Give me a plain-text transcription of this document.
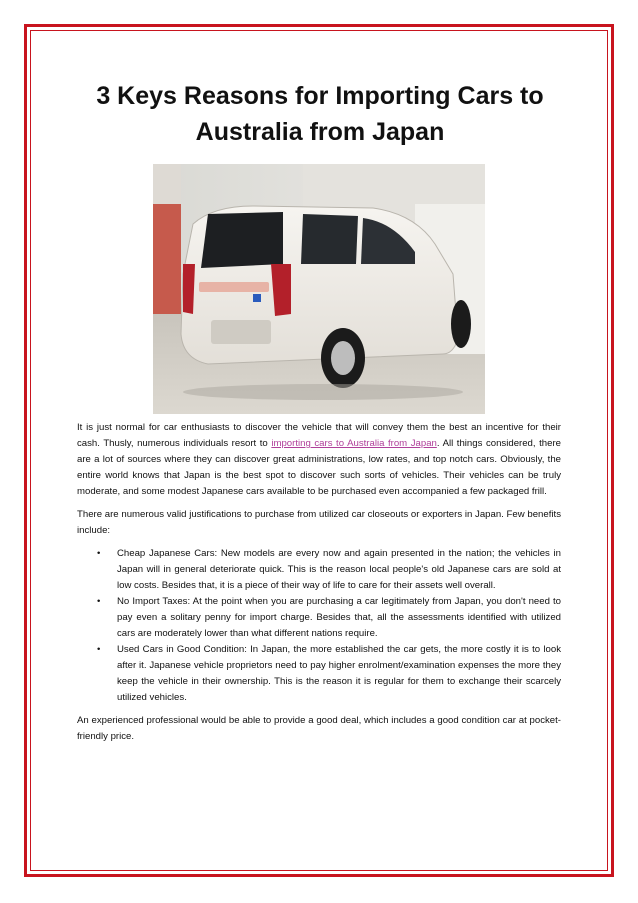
3 Keys Reasons for Importing Cars to Australia from Japan

It is just normal for car enthusiasts to discover the vehicle that will convey them the best an incentive for their cash. Thusly, numerous individuals resort to importing cars to Australia from Japan. All things considered, there are a lot of sources where they can discover great administrations, low rates, and top notch cars. Obviously, the entire world knows that Japan is the best spot to discover such sorts of vehicles. Their vehicles can be truly moderate, and some modest Japanese cars available to be purchased even accompanied a few packaged frill.

There are numerous valid justifications to purchase from utilized car closeouts or exporters in Japan. Few benefits include:

• Cheap Japanese Cars: New models are every now and again presented in the nation; the vehicles in Japan will in general deteriorate quick. This is the reason local people's old Japanese cars are sold at low costs. Besides that, it is a piece of their way of life to care for their assets well overall.
• No Import Taxes: At the point when you are purchasing a car legitimately from Japan, you don't need to pay even a solitary penny for import charge. Besides that, all the assessments identified with utilized cars are moderately lower than what different nations require.
• Used Cars in Good Condition: In Japan, the more established the car gets, the more costly it is to look after it. Japanese vehicle proprietors need to pay higher enrolment/examination expenses the more they keep the vehicle in their ownership. This is the reason it is regular for them to exchange their scarcely utilized vehicles.

An experienced professional would be able to provide a good deal, which includes a good condition car at pocket-friendly price.
